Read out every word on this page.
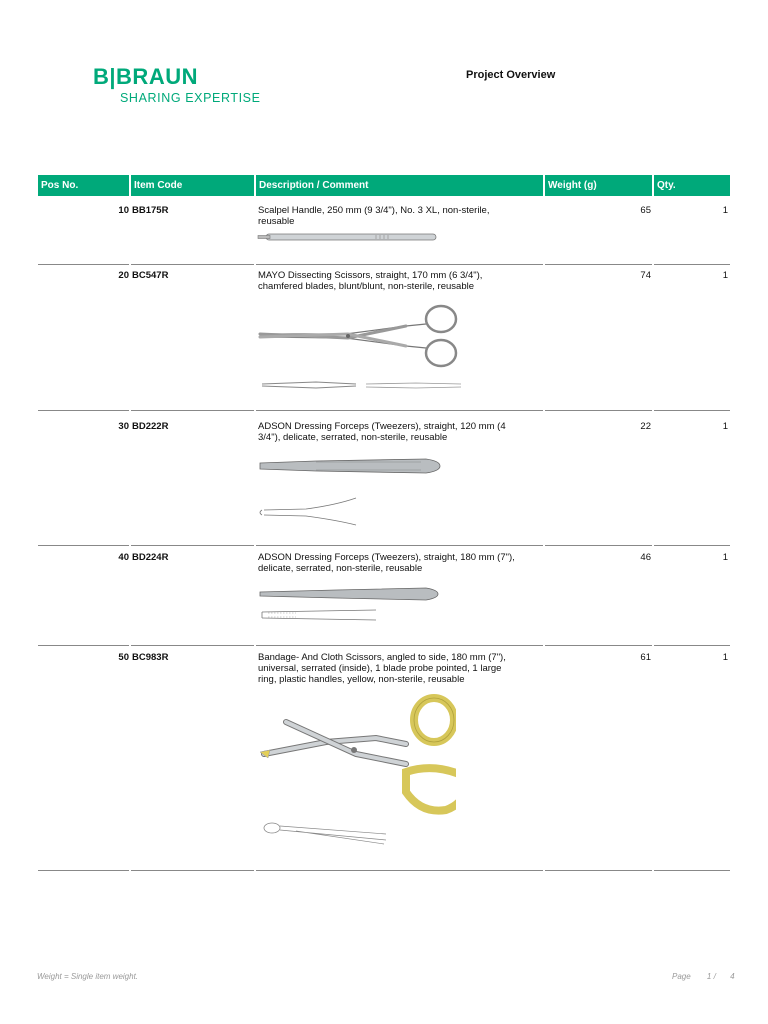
B|BRAUN
SHARING EXPERTISE
Project Overview
Pos No.	Item Code	Description / Comment	Weight (g)	Qty.
10 BB175R	Scalpel Handle, 250 mm (9 3/4"), No. 3 XL, non-sterile,
reusable
65	1
20 BC547R	MAYO Dissecting Scissors, straight, 170 mm (6 3/4"),
chamfered blades, blunt/blunt, non-sterile, reusable
74	1
30 BD222R	ADSON Dressing Forceps (Tweezers), straight, 120 mm (4
3/4"), delicate, serrated, non-sterile, reusable
22	1
40 BD224R	ADSON Dressing Forceps (Tweezers), straight, 180 mm (7"),
delicate, serrated, non-sterile, reusable
46	1
50 BC983R	Bandage- And Cloth Scissors, angled to side, 180 mm (7"),
universal, serrated (inside), 1 blade probe pointed, 1 large
ring, plastic handles, yellow, non-sterile, reusable
61	1
Weight = Single item weight.	Page 1 / 4
